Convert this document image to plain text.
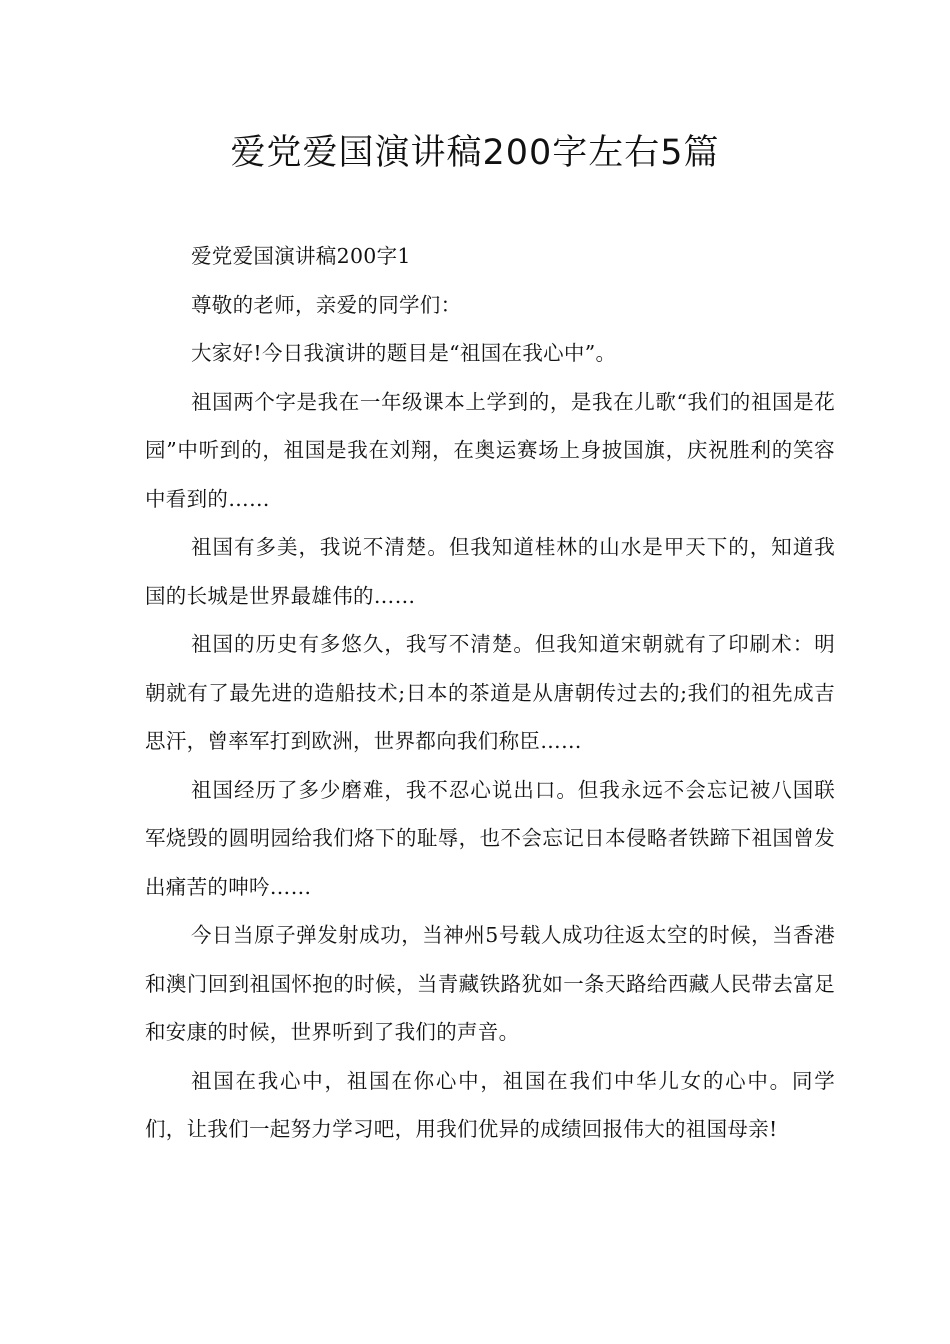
爱党爱国演讲稿200字左右5篇

爱党爱国演讲稿200字1

尊敬的老师，亲爱的同学们：

大家好!今日我演讲的题目是“祖国在我心中”。

祖国两个字是我在一年级课本上学到的，是我在儿歌“我们的祖国是花园”中听到的，祖国是我在刘翔，在奥运赛场上身披国旗，庆祝胜利的笑容中看到的……

祖国有多美，我说不清楚。但我知道桂林的山水是甲天下的，知道我国的长城是世界最雄伟的……

祖国的历史有多悠久，我写不清楚。但我知道宋朝就有了印刷术：明朝就有了最先进的造船技术;日本的茶道是从唐朝传过去的;我们的祖先成吉思汗，曾率军打到欧洲，世界都向我们称臣……

祖国经历了多少磨难，我不忍心说出口。但我永远不会忘记被八国联军烧毁的圆明园给我们烙下的耻辱，也不会忘记日本侵略者铁蹄下祖国曾发出痛苦的呻吟……

今日当原子弹发射成功，当神州5号载人成功往返太空的时候，当香港和澳门回到祖国怀抱的时候，当青藏铁路犹如一条天路给西藏人民带去富足和安康的时候，世界听到了我们的声音。

祖国在我心中，祖国在你心中，祖国在我们中华儿女的心中。同学们，让我们一起努力学习吧，用我们优异的成绩回报伟大的祖国母亲!
